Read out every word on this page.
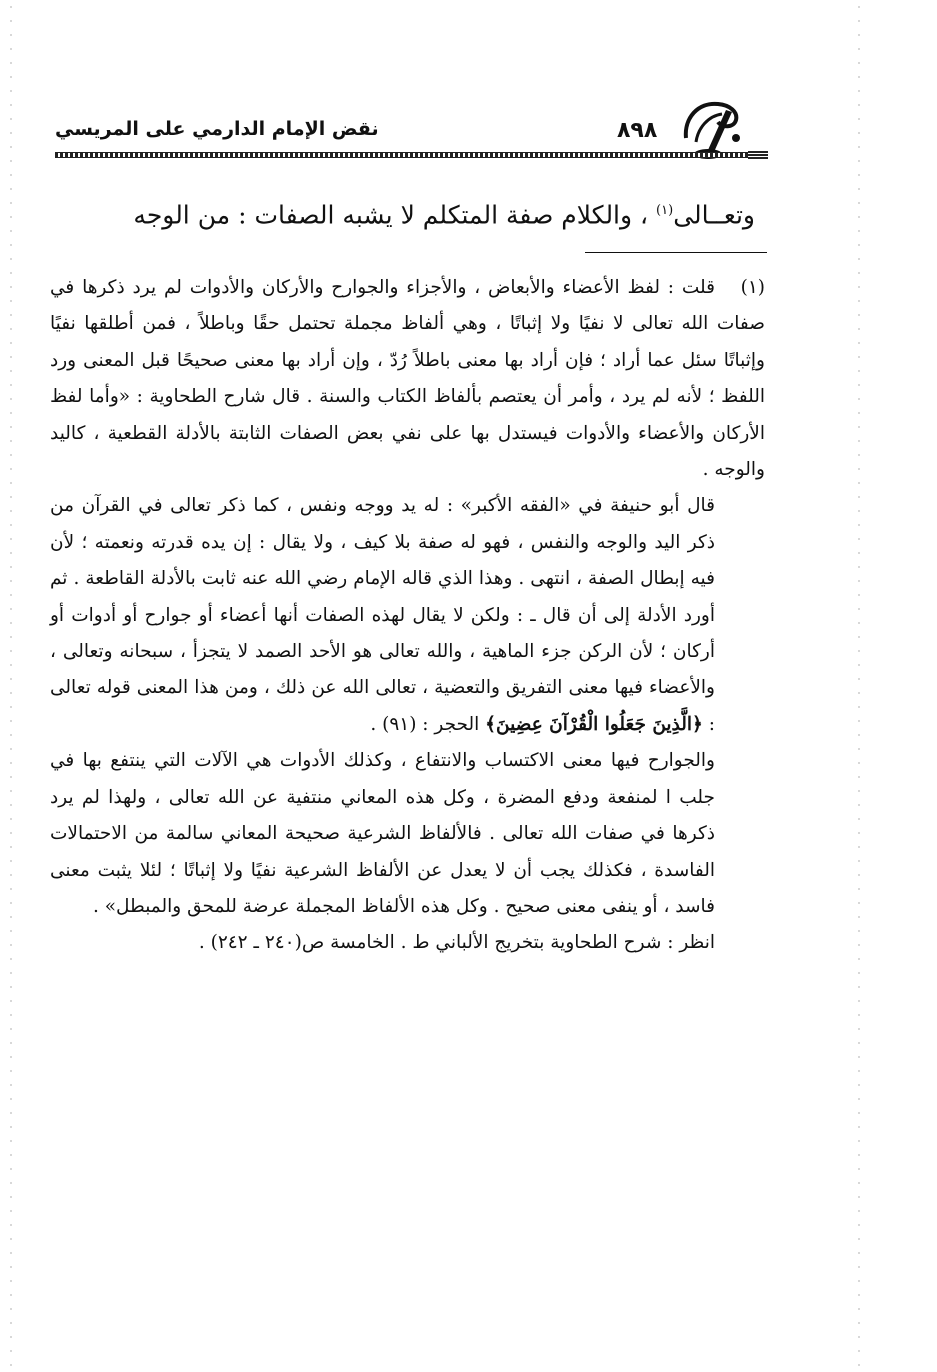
نقض الإمام الدارمي على المريسي	٨٩٨
وتعــالى$^{(١)}$ ، والكلام صفة المتكلم لا يشبه الصفات : من الوجه

(١)قلت : لفظ الأعضاء والأبعاض ، والأجزاء والجوارح والأركان والأدوات لم يرد ذكرها في صفات الله تعالى لا نفيًا ولا إثباتًا ، وهي ألفاظ مجملة تحتمل حقًا وباطلاً ، فمن أطلقها نفيًا وإثباتًا سئل عما أراد ؛ فإن أراد بها معنى باطلاً رُدّ ، وإن أراد بها معنى صحيحًا قبل المعنى ورد اللفظ ؛ لأنه لم يرد ، وأمر أن يعتصم بألفاظ الكتاب والسنة . قال شارح الطحاوية : «وأما لفظ الأركان والأعضاء والأدوات فيستدل بها على نفي بعض الصفات الثابتة بالأدلة القطعية ، كاليد والوجه .

قال أبو حنيفة في «الفقه الأكبر» : له يد ووجه ونفس ، كما ذكر تعالى في القرآن من ذكر اليد والوجه والنفس ، فهو له صفة بلا كيف ، ولا يقال : إن يده قدرته ونعمته ؛ لأن فيه إبطال الصفة ، انتهى . وهذا الذي قاله الإمام رضي الله عنه ثابت بالأدلة القاطعة . ثم أورد الأدلة إلى أن قال ـ : ولكن لا يقال لهذه الصفات أنها أعضاء أو جوارح أو أدوات أو أركان ؛ لأن الركن جزء الماهية ، والله تعالى هو الأحد الصمد لا يتجزأ ، سبحانه وتعالى ، والأعضاء فيها معنى التفريق والتعضية ، تعالى الله عن ذلك ، ومن هذا المعنى قوله تعالى : ﴿الَّذِينَ جَعَلُوا الْقُرْآنَ عِضِينَ﴾ الحجر : (٩١) .

والجوارح فيها معنى الاكتساب والانتفاع ، وكذلك الأدوات هي الآلات التي ينتفع بها في جلب ا لمنفعة ودفع المضرة ، وكل هذه المعاني منتفية عن الله تعالى ، ولهذا لم يرد ذكرها في صفات الله تعالى . فالألفاظ الشرعية صحيحة المعاني سالمة من الاحتمالات الفاسدة ، فكذلك يجب أن لا يعدل عن الألفاظ الشرعية نفيًا ولا إثباتًا ؛ لئلا يثبت معنى فاسد ، أو ينفى معنى صحيح . وكل هذه الألفاظ المجملة عرضة للمحق والمبطل» .

انظر : شرح الطحاوية بتخريج الألباني ط . الخامسة ص(٢٤٠ ـ ٢٤٢) .
